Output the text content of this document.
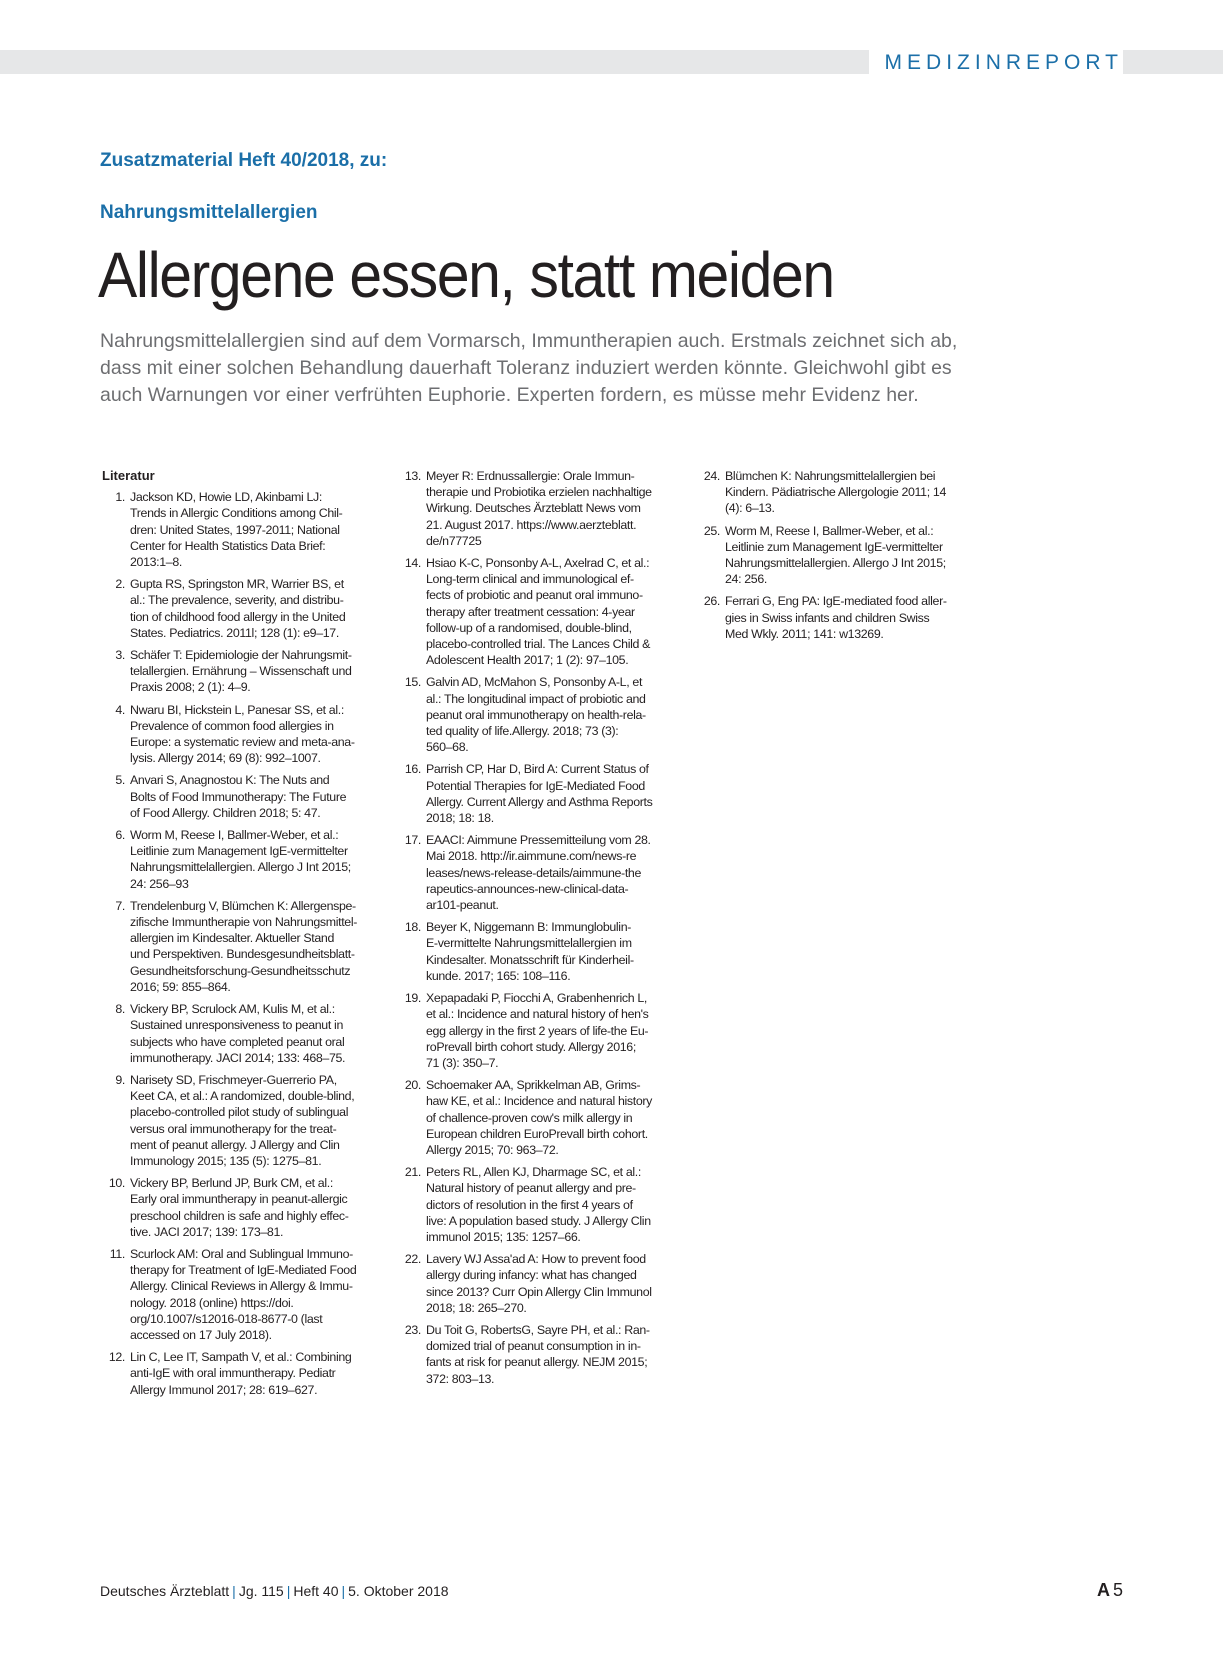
MEDIZINREPORT
Zusatzmaterial Heft 40/2018, zu:
Nahrungsmittelallergien
Allergene essen, statt meiden
Nahrungsmittelallergien sind auf dem Vormarsch, Immuntherapien auch. Erstmals zeichnet sich ab,
dass mit einer solchen Behandlung dauerhaft Toleranz induziert werden könnte. Gleichwohl gibt es
auch Warnungen vor einer verfrühten Euphorie. Experten fordern, es müsse mehr Evidenz her.
Literatur
1. Jackson KD, Howie LD, Akinbami LJ:
Trends in Allergic Conditions among Chil-
dren: United States, 1997-2011; National
Center for Health Statistics Data Brief:
2013:1–8.
2. Gupta RS, Springston MR, Warrier BS, et
al.: The prevalence, severity, and distribu-
tion of childhood food allergy in the United
States. Pediatrics. 2011l; 128 (1): e9–17.
3. Schäfer T: Epidemiologie der Nahrungsmit-
telallergien. Ernährung – Wissenschaft und
Praxis 2008; 2 (1): 4–9.
4. Nwaru BI, Hickstein L, Panesar SS, et al.:
Prevalence of common food allergies in
Europe: a systematic review and meta-ana-
lysis. Allergy 2014; 69 (8): 992–1007.
5. Anvari S, Anagnostou K: The Nuts and
Bolts of Food Immunotherapy: The Future
of Food Allergy. Children 2018; 5: 47.
6. Worm M, Reese I, Ballmer-Weber, et al.:
Leitlinie zum Management IgE-vermittelter
Nahrungsmittelallergien. Allergo J Int 2015;
24: 256–93
7. Trendelenburg V, Blümchen K: Allergenspe-
zifische Immuntherapie von Nahrungsmittel-
allergien im Kindesalter. Aktueller Stand
und Perspektiven. Bundesgesundheitsblatt-
Gesundheitsforschung-Gesundheitsschutz
2016; 59: 855–864.
8. Vickery BP, Scrulock AM, Kulis M, et al.:
Sustained unresponsiveness to peanut in
subjects who have completed peanut oral
immunotherapy. JACI 2014; 133: 468–75.
9. Narisety SD, Frischmeyer-Guerrerio PA,
Keet CA, et al.: A randomized, double-blind,
placebo-controlled pilot study of sublingual
versus oral immunotherapy for the treat-
ment of peanut allergy. J Allergy and Clin
Immunology 2015; 135 (5): 1275–81.
10. Vickery BP, Berlund JP, Burk CM, et al.:
Early oral immuntherapy in peanut-allergic
preschool children is safe and highly effec-
tive. JACI 2017; 139: 173–81.
11. Scurlock AM: Oral and Sublingual Immuno-
therapy for Treatment of IgE-Mediated Food
Allergy. Clinical Reviews in Allergy & Immu-
nology. 2018 (online) https://doi.
org/10.1007/s12016-018-8677-0 (last
accessed on 17 July 2018).
12. Lin C, Lee IT, Sampath V, et al.: Combining
anti-IgE with oral immuntherapy. Pediatr
Allergy Immunol 2017; 28: 619–627.
13. Meyer R: Erdnussallergie: Orale Immun-
therapie und Probiotika erzielen nachhaltige
Wirkung. Deutsches Ärzteblatt News vom
21. August 2017. https://www.aerzteblatt.
de/n77725
14. Hsiao K-C, Ponsonby A-L, Axelrad C, et al.:
Long-term clinical and immunological ef-
fects of probiotic and peanut oral immuno-
therapy after treatment cessation: 4-year
follow-up of a randomised, double-blind,
placebo-controlled trial. The Lances Child &
Adolescent Health 2017; 1 (2): 97–105.
15. Galvin AD, McMahon S, Ponsonby A-L, et
al.: The longitudinal impact of probiotic and
peanut oral immunotherapy on health-rela-
ted quality of life.Allergy. 2018; 73 (3):
560–68.
16. Parrish CP, Har D, Bird A: Current Status of
Potential Therapies for IgE-Mediated Food
Allergy. Current Allergy and Asthma Reports
2018; 18: 18.
17. EAACI: Aimmune Pressemitteilung vom 28.
Mai 2018. http://ir.aimmune.com/news-re
leases/news-release-details/aimmune-the
rapeutics-announces-new-clinical-data-
ar101-peanut.
18. Beyer K, Niggemann B: Immunglobulin-
E-vermittelte Nahrungsmittelallergien im
Kindesalter. Monatsschrift für Kinderheil-
kunde. 2017; 165: 108–116.
19. Xepapadaki P, Fiocchi A, Grabenhenrich L,
et al.: Incidence and natural history of hen's
egg allergy in the first 2 years of life-the Eu-
roPrevall birth cohort study. Allergy 2016;
71 (3): 350–7.
20. Schoemaker AA, Sprikkelman AB, Grims-
haw KE, et al.: Incidence and natural history
of challence-proven cow's milk allergy in
European children EuroPrevall birth cohort.
Allergy 2015; 70: 963–72.
21. Peters RL, Allen KJ, Dharmage SC, et al.:
Natural history of peanut allergy and pre-
dictors of resolution in the first 4 years of
live: A population based study. J Allergy Clin
immunol 2015; 135: 1257–66.
22. Lavery WJ Assa'ad A: How to prevent food
allergy during infancy: what has changed
since 2013? Curr Opin Allergy Clin Immunol
2018; 18: 265–270.
23. Du Toit G, RobertsG, Sayre PH, et al.: Ran-
domized trial of peanut consumption in in-
fants at risk for peanut allergy. NEJM 2015;
372: 803–13.
24. Blümchen K: Nahrungsmittelallergien bei
Kindern. Pädiatrische Allergologie 2011; 14
(4): 6–13.
25. Worm M, Reese I, Ballmer-Weber, et al.:
Leitlinie zum Management IgE-vermittelter
Nahrungsmittelallergien. Allergo J Int 2015;
24: 256.
26. Ferrari G, Eng PA: IgE-mediated food aller-
gies in Swiss infants and children Swiss
Med Wkly. 2011; 141: w13269.
Deutsches Ärzteblatt | Jg. 115 | Heft 40 | 5. Oktober 2018	A 5
